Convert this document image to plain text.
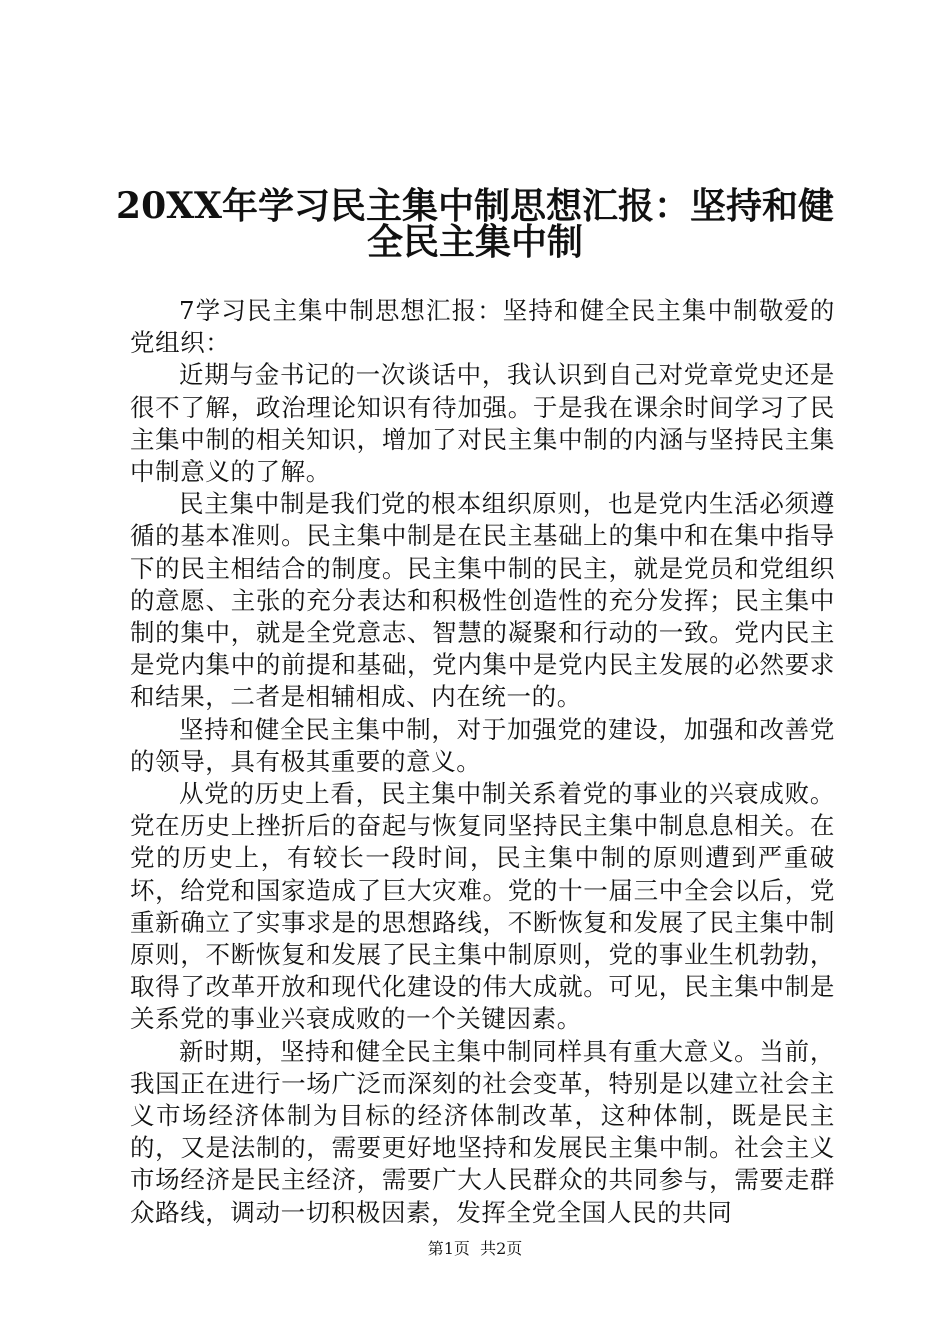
20XX年学习民主集中制思想汇报：坚持和健
全民主集中制

7学习民主集中制思想汇报：坚持和健全民主集中制敬爱的党组织：

近期与金书记的一次谈话中，我认识到自己对党章党史还是很不了解，政治理论知识有待加强。于是我在课余时间学习了民主集中制的相关知识，增加了对民主集中制的内涵与坚持民主集中制意义的了解。

民主集中制是我们党的根本组织原则，也是党内生活必须遵循的基本准则。民主集中制是在民主基础上的集中和在集中指导下的民主相结合的制度。民主集中制的民主，就是党员和党组织的意愿、主张的充分表达和积极性创造性的充分发挥；民主集中制的集中，就是全党意志、智慧的凝聚和行动的一致。党内民主是党内集中的前提和基础，党内集中是党内民主发展的必然要求和结果，二者是相辅相成、内在统一的。

坚持和健全民主集中制，对于加强党的建设，加强和改善党的领导，具有极其重要的意义。

从党的历史上看，民主集中制关系着党的事业的兴衰成败。党在历史上挫折后的奋起与恢复同坚持民主集中制息息相关。在党的历史上，有较长一段时间，民主集中制的原则遭到严重破坏，给党和国家造成了巨大灾难。党的十一届三中全会以后，党重新确立了实事求是的思想路线，不断恢复和发展了民主集中制原则，不断恢复和发展了民主集中制原则，党的事业生机勃勃，取得了改革开放和现代化建设的伟大成就。可见，民主集中制是关系党的事业兴衰成败的一个关键因素。

新时期，坚持和健全民主集中制同样具有重大意义。当前，我国正在进行一场广泛而深刻的社会变革，特别是以建立社会主义市场经济体制为目标的经济体制改革，这种体制，既是民主的，又是法制的，需要更好地坚持和发展民主集中制。社会主义市场经济是民主经济，需要广大人民群众的共同参与，需要走群众路线，调动一切积极因素，发挥全党全国人民的共同

第1页  共2页
